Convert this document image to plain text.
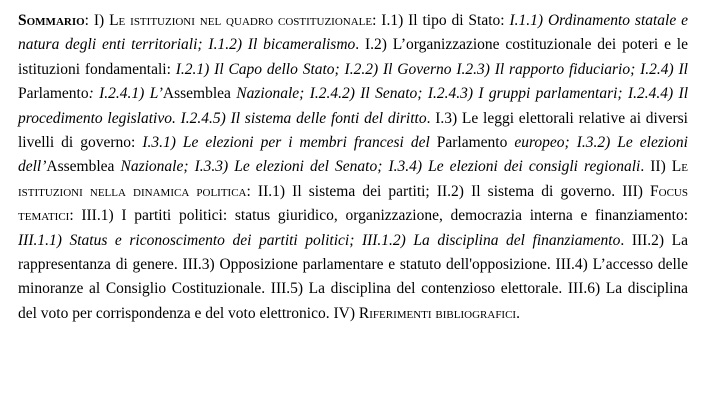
Sommario: I) Le istituzioni nel quadro costituzionale: I.1) Il tipo di Stato: I.1.1) Ordinamento statale e natura degli enti territoriali; I.1.2) Il bicameralismo. I.2) L’organizzazione costituzionale dei poteri e le istituzioni fondamentali: I.2.1) Il Capo dello Stato; I.2.2) Il Governo I.2.3) Il rapporto fiduciario; I.2.4) Il Parlamento: I.2.4.1) L’Assemblea Nazionale; I.2.4.2) Il Senato; I.2.4.3) I gruppi parlamentari; I.2.4.4) Il procedimento legislativo. I.2.4.5) Il sistema delle fonti del diritto. I.3) Le leggi elettorali relative ai diversi livelli di governo: I.3.1) Le elezioni per i membri francesi del Parlamento europeo; I.3.2) Le elezioni dell’Assemblea Nazionale; I.3.3) Le elezioni del Senato; I.3.4) Le elezioni dei consigli regionali. II) Le istituzioni nella dinamica politica: II.1) Il sistema dei partiti; II.2) Il sistema di governo. III) Focus tematici: III.1) I partiti politici: status giuridico, organizzazione, democrazia interna e finanziamento: III.1.1) Status e riconoscimento dei partiti politici; III.1.2) La disciplina del finanziamento. III.2) La rappresentanza di genere. III.3) Opposizione parlamentare e statuto dell'opposizione. III.4) L’accesso delle minoranze al Consiglio Costituzionale. III.5) La disciplina del contenzioso elettorale. III.6) La disciplina del voto per corrispondenza e del voto elettronico. IV) Riferimenti bibliografici.
